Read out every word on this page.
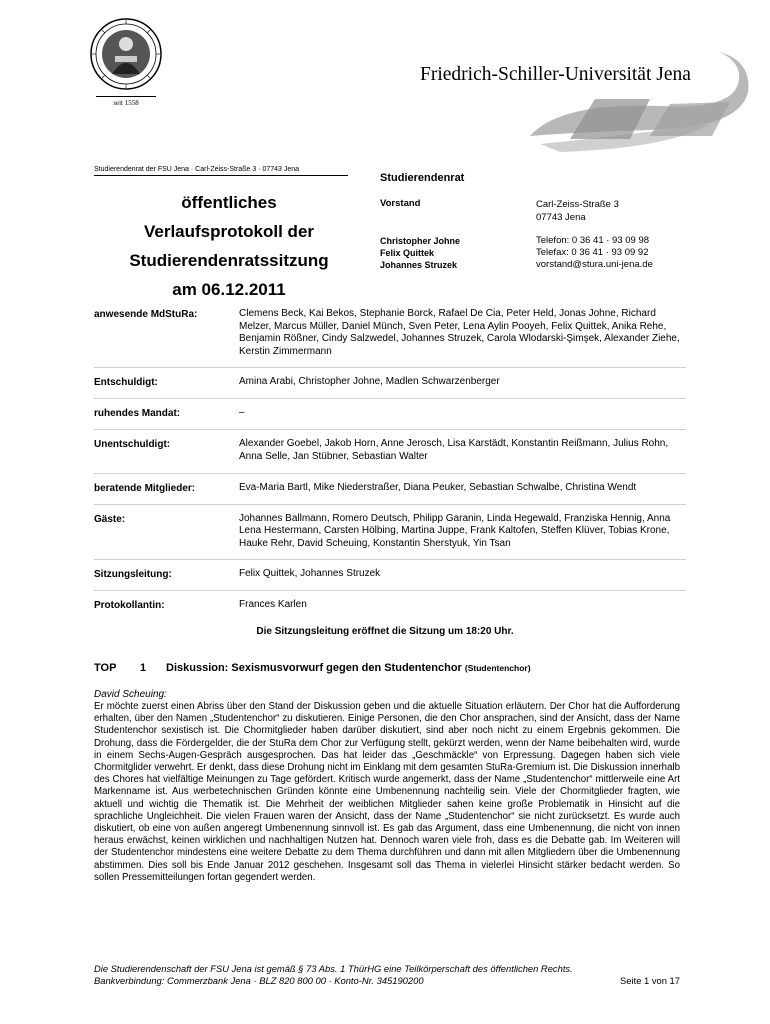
seit 1558
Friedrich-Schiller-Universität Jena
Studierendenrat der FSU Jena · Carl-Zeiss-Straße 3 · 07743 Jena
öffentliches
Verlaufsprotokoll der
Studierendenratssitzung
am 06.12.2011
Studierendenrat
Vorstand	Carl-Zeiss-Straße 3
07743 Jena
Christopher Johne
Felix Quittek
Johannes Struzek
Telefon: 0 36 41 · 93 09 98
Telefax: 0 36 41 · 93 09 92
vorstand@stura.uni-jena.de
anwesende MdStuRa:	Clemens Beck, Kai Bekos, Stephanie Borck, Rafael De Cia, Peter Held, Jonas Johne, Richard Melzer, Marcus Müller, Daniel Münch, Sven Peter, Lena Aylin Pooyeh, Felix Quittek, Anika Rehe, Benjamin Rößner, Cindy Salzwedel, Johannes Struzek, Carola Wlodarski-Şimşek, Alexander Ziehe, Kerstin Zimmermann
Entschuldigt:	Amina Arabi, Christopher Johne, Madlen Schwarzenberger
ruhendes Mandat:	–
Unentschuldigt:	Alexander Goebel, Jakob Horn, Anne Jerosch, Lisa Karstädt, Konstantin Reißmann, Julius Rohn, Anna Selle, Jan Stübner, Sebastian Walter
beratende Mitglieder:	Eva-Maria Bartl, Mike Niederstraßer, Diana Peuker, Sebastian Schwalbe, Christina Wendt
Gäste:	Johannes Ballmann, Romero Deutsch, Philipp Garanin, Linda Hegewald, Franziska Hennig, Anna Lena Hestermann, Carsten Hölbing, Martina Juppe, Frank Kaltofen, Steffen Klüver, Tobias Krone, Hauke Rehr, David Scheuing, Konstantin Sherstyuk, Yin Tsan
Sitzungsleitung:	Felix Quittek, Johannes Struzek
Protokollantin:	Frances Karlen
Die Sitzungsleitung eröffnet die Sitzung um 18:20 Uhr.
TOP 1 Diskussion: Sexismusvorwurf gegen den Studentenchor (Studentenchor)
David Scheuing:
Er möchte zuerst einen Abriss über den Stand der Diskussion geben und die aktuelle Situation erläutern. Der Chor hat die Aufforderung erhalten, über den Namen „Studentenchor“ zu diskutieren. Einige Personen, die den Chor ansprachen, sind der Ansicht, dass der Name Studentenchor sexistisch ist. Die Chormitglieder haben darüber diskutiert, sind aber noch nicht zu einem Ergebnis gekommen. Die Drohung, dass die Fördergelder, die der StuRa dem Chor zur Verfügung stellt, gekürzt werden, wenn der Name beibehalten wird, wurde in einem Sechs-Augen-Gespräch ausgesprochen. Das hat leider das „Geschmäckle“ von Erpressung. Dagegen haben sich viele Chormitglider verwehrt. Er denkt, dass diese Drohung nicht im Einklang mit dem gesamten StuRa-Gremium ist. Die Diskussion innerhalb des Chores hat vielfältige Meinungen zu Tage gefördert. Kritisch wurde angemerkt, dass der Name „Studentenchor“ mittlerweile eine Art Markenname ist. Aus werbetechnischen Gründen könnte eine Umbenennung nachteilig sein. Viele der Chormitglieder fragten, wie aktuell und wichtig die Thematik ist. Die Mehrheit der weiblichen Mitglieder sahen keine große Problematik in Hinsicht auf die sprachliche Ungleichheit. Die vielen Frauen waren der Ansicht, dass der Name „Studentenchor“ sie nicht zurücksetzt. Es wurde auch diskutiert, ob eine von außen angeregt Umbenennung sinnvoll ist. Es gab das Argument, dass eine Umbenennung, die nicht von innen heraus erwächst, keinen wirklichen und nachhaltigen Nutzen hat. Dennoch waren viele froh, dass es die Debatte gab. Im Weiteren will der Studentenchor mindestens eine weitere Debatte zu dem Thema durchführen und dann mit allen Mitgliedern über die Umbenennung abstimmen. Dies soll bis Ende Januar 2012 geschehen. Insgesamt soll das Thema in vielerlei Hinsicht stärker bedacht werden. So sollen Pressemitteilungen fortan gegendert werden.
Die Studierendenschaft der FSU Jena ist gemäß § 73 Abs. 1 ThürHG eine Teilkörperschaft des öffentlichen Rechts.
Bankverbindung: Commerzbank Jena · BLZ 820 800 00 · Konto-Nr. 345190200	Seite 1 von 17
